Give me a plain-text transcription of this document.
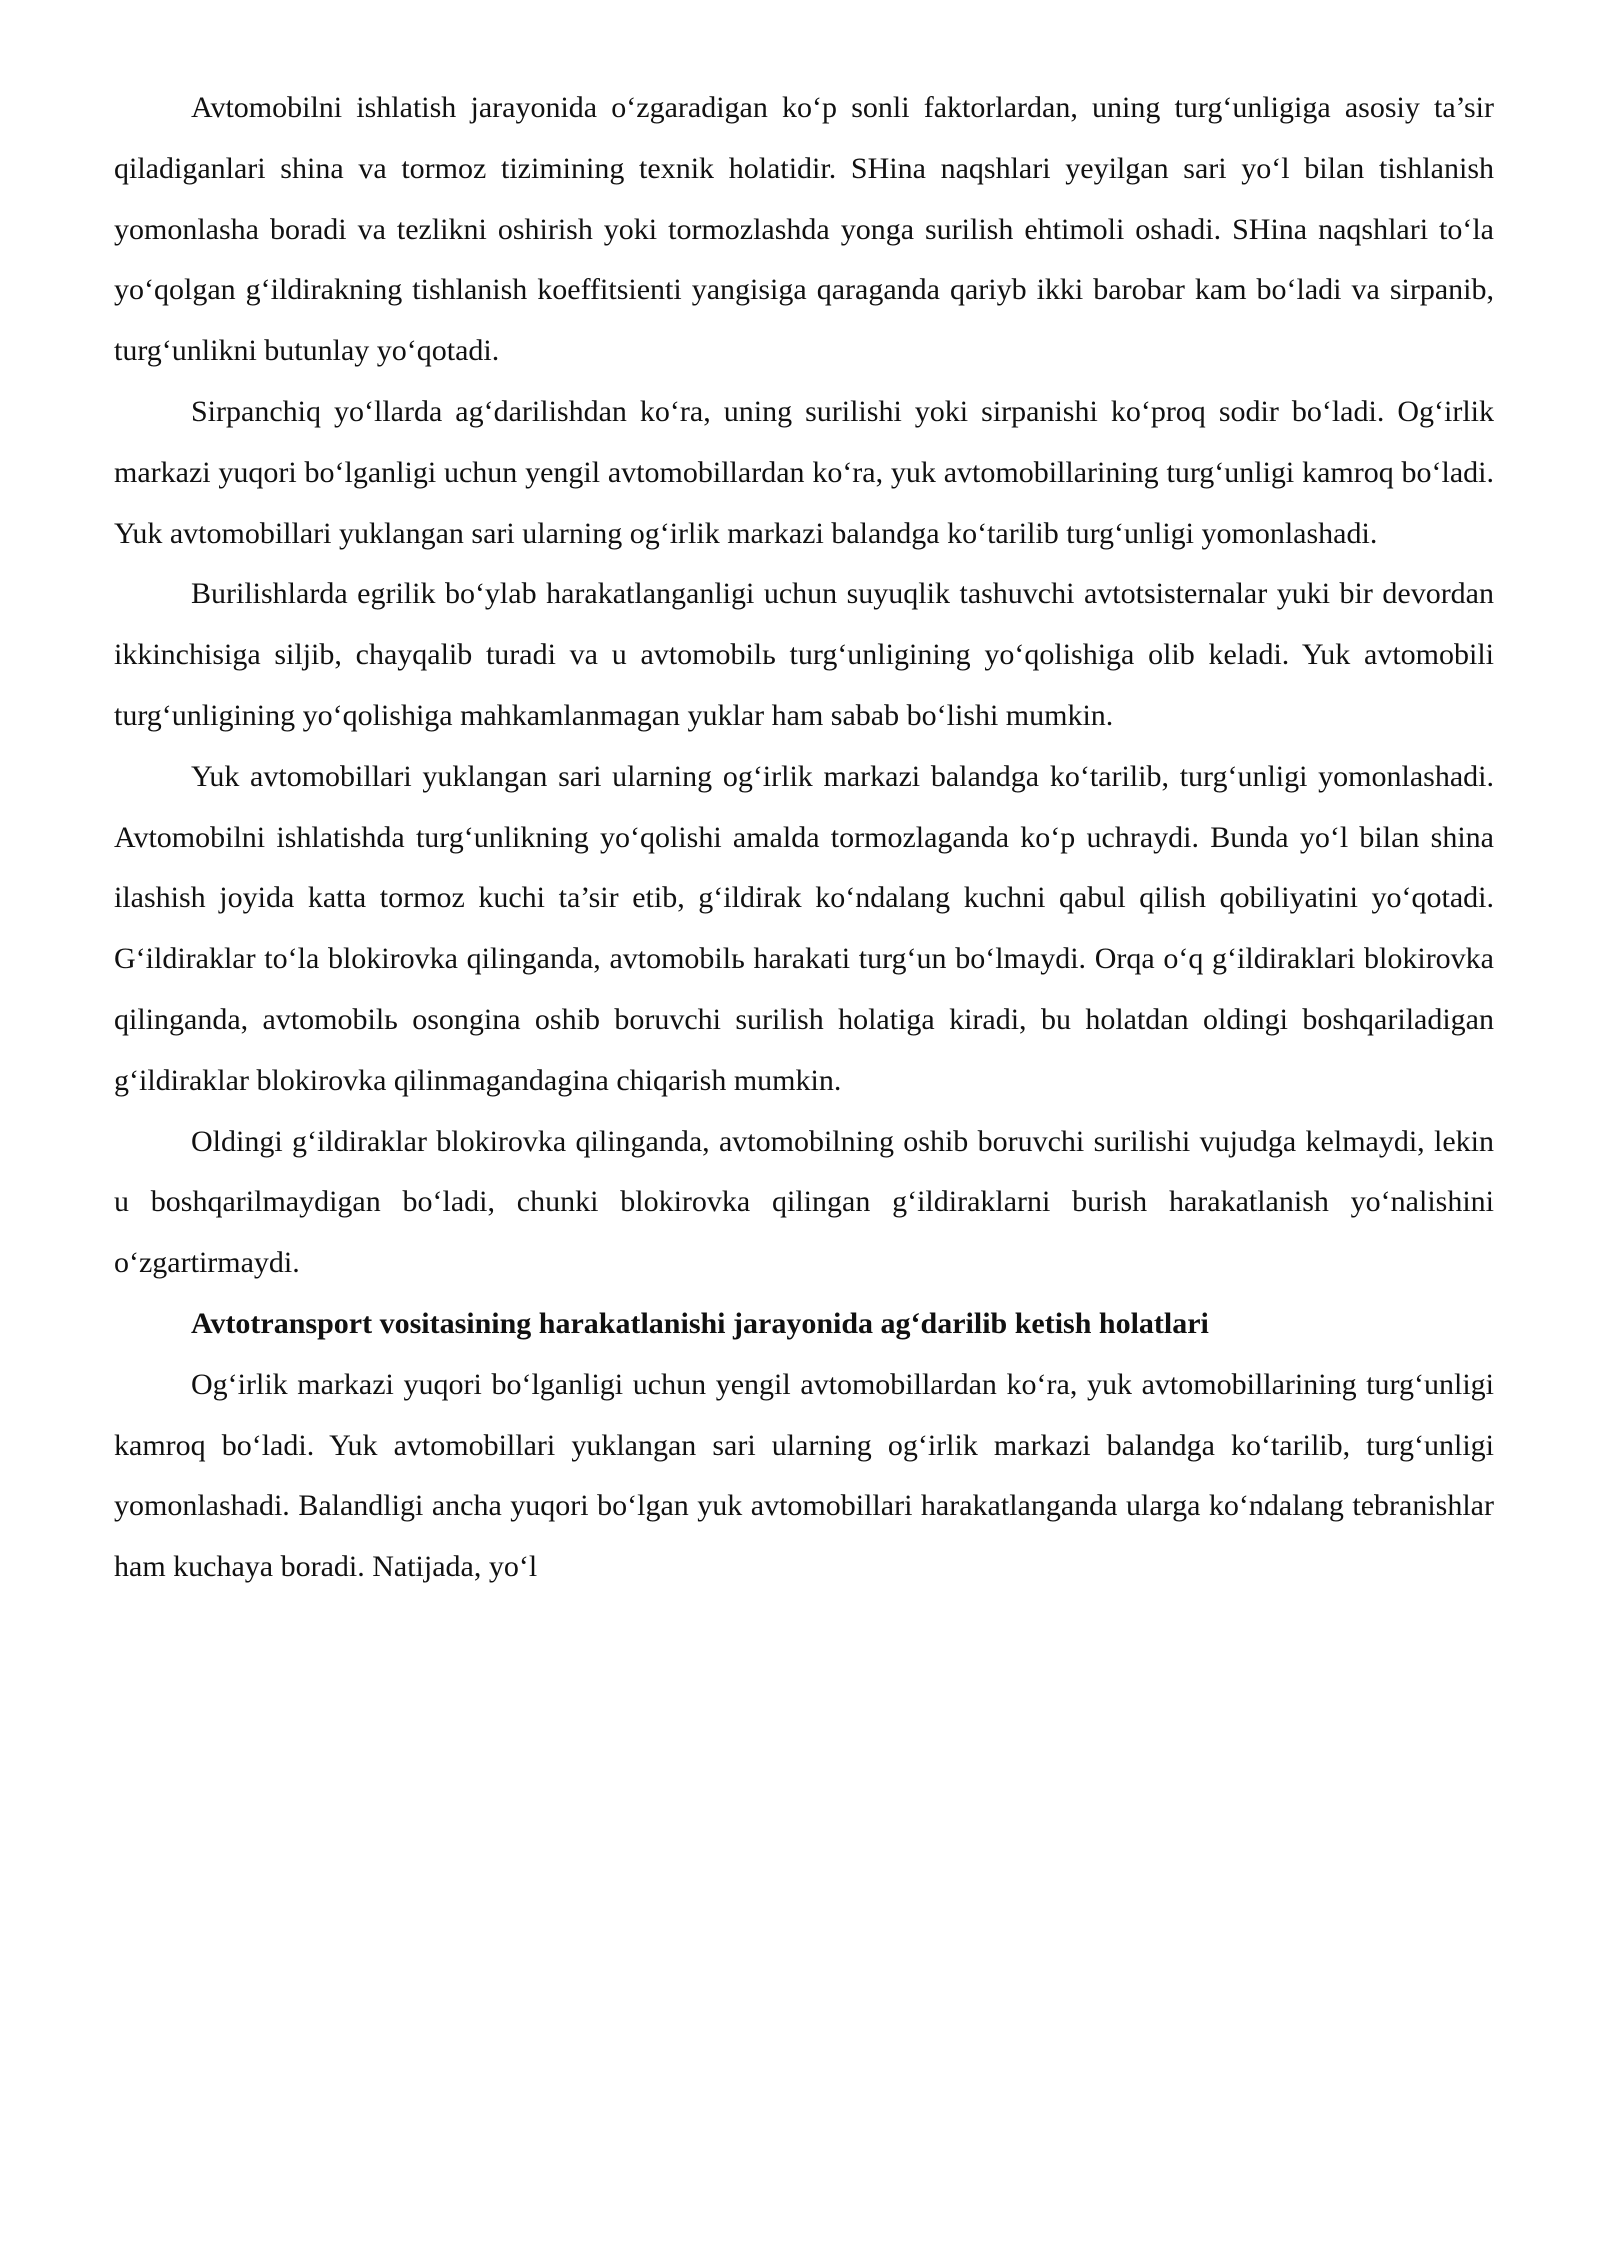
Avtomobilni ishlatish jarayonida o‘zgaradigan ko‘p sonli faktorlardan, uning turg‘unligiga asosiy ta’sir qiladiganlari shina va tormoz tizimining texnik holatidir. SHina naqshlari yeyilgan sari yo‘l bilan tishlanish yomonlasha boradi va tezlikni oshirish yoki tormozlashda yonga surilish ehtimoli oshadi. SHina naqshlari to‘la yo‘qolgan g‘ildirakning tishlanish koeffitsienti yangisiga qaraganda qariyb ikki barobar kam bo‘ladi va sirpanib, turg‘unlikni butunlay yo‘qotadi.

Sirpanchiq yo‘llarda ag‘darilishdan ko‘ra, uning surilishi yoki sirpanishi ko‘proq sodir bo‘ladi. Og‘irlik markazi yuqori bo‘lganligi uchun yengil avtomobillardan ko‘ra, yuk avtomobillarining turg‘unligi kamroq bo‘ladi. Yuk avtomobillari yuklangan sari ularning og‘irlik markazi balandga ko‘tarilib turg‘unligi yomonlashadi.

Burilishlarda egrilik bo‘ylab harakatlanganligi uchun suyuqlik tashuvchi avtotsisternalar yuki bir devordan ikkinchisiga siljib, chayqalib turadi va u avtomobilь turg‘unligining yo‘qolishiga olib keladi. Yuk avtomobili turg‘unligining yo‘qolishiga mahkamlanmagan yuklar ham sabab bo‘lishi mumkin.

Yuk avtomobillari yuklangan sari ularning og‘irlik markazi balandga ko‘tarilib, turg‘unligi yomonlashadi. Avtomobilni ishlatishda turg‘unlikning yo‘qolishi amalda tormozlaganda ko‘p uchraydi. Bunda yo‘l bilan shina ilashish joyida katta tormoz kuchi ta’sir etib, g‘ildirak ko‘ndalang kuchni qabul qilish qobiliyatini yo‘qotadi. G‘ildiraklar to‘la blokirovka qilinganda, avtomobilь harakati turg‘un bo‘lmaydi. Orqa o‘q g‘ildiraklari blokirovka qilinganda, avtomobilь osongina oshib boruvchi surilish holatiga kiradi, bu holatdan oldingi boshqariladigan g‘ildiraklar blokirovka qilinmagandagina chiqarish mumkin.

Oldingi g‘ildiraklar blokirovka qilinganda, avtomobilning oshib boruvchi surilishi vujudga kelmaydi, lekin u boshqarilmaydigan bo‘ladi, chunki blokirovka qilingan g‘ildiraklarni burish harakatlanish yo‘nalishini o‘zgartirmaydi.

Avtotransport vositasining harakatlanishi jarayonida ag‘darilib ketish holatlari

Og‘irlik markazi yuqori bo‘lganligi uchun yengil avtomobillardan ko‘ra, yuk avtomobillarining turg‘unligi kamroq bo‘ladi. Yuk avtomobillari yuklangan sari ularning og‘irlik markazi balandga ko‘tarilib, turg‘unligi yomonlashadi. Balandligi ancha yuqori bo‘lgan yuk avtomobillari harakatlanganda ularga ko‘ndalang tebranishlar ham kuchaya boradi. Natijada, yo‘l
